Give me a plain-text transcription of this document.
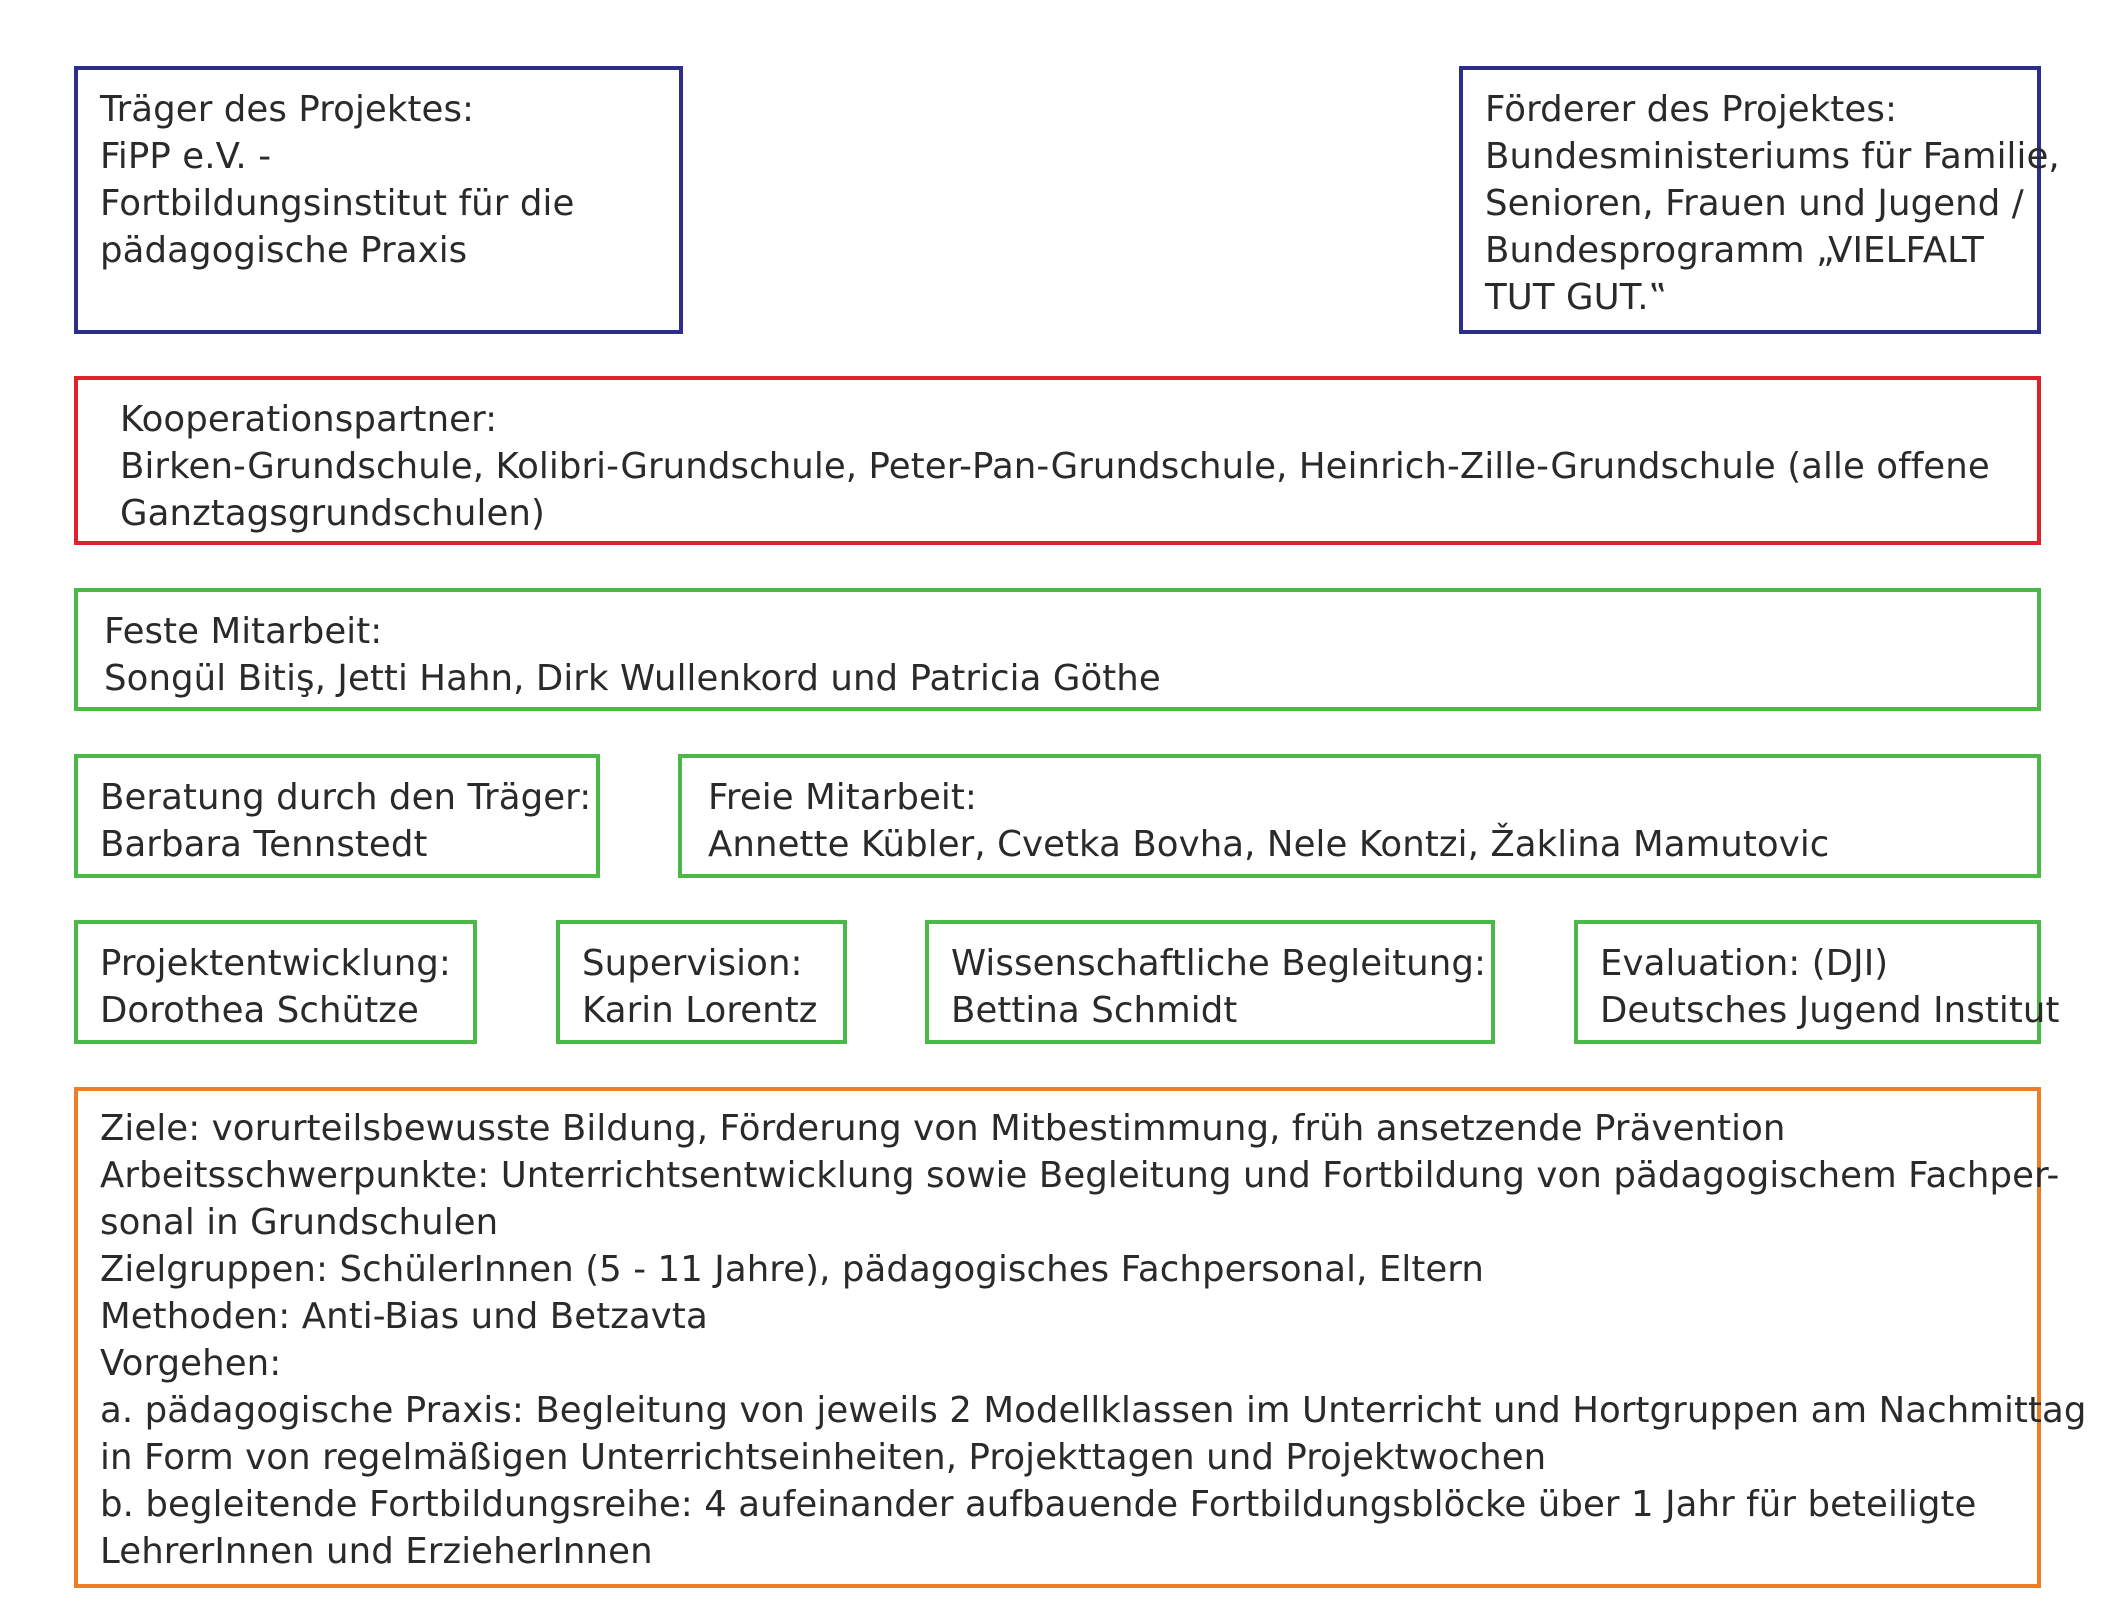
Träger des Projektes:
FiPP e.V. -
Fortbildungsinstitut für die
pädagogische Praxis
Förderer des Projektes:
Bundesministeriums für Familie,
Senioren, Frauen und Jugend /
Bundesprogramm „VIELFALT
TUT GUT.‟
Kooperationspartner:
Birken-Grundschule, Kolibri-Grundschule, Peter-Pan-Grundschule, Heinrich-Zille-Grundschule (alle offene
Ganztagsgrundschulen)
Feste Mitarbeit:
Songül Bitiş, Jetti Hahn, Dirk Wullenkord und Patricia Göthe
Beratung durch den Träger:
Barbara Tennstedt
Freie Mitarbeit:
Annette Kübler, Cvetka Bovha, Nele Kontzi, Žaklina Mamutovic
Projektentwicklung:
Dorothea Schütze
Supervision:
Karin Lorentz
Wissenschaftliche Begleitung:
Bettina Schmidt
Evaluation: (DJI)
Deutsches Jugend Institut
Ziele: vorurteilsbewusste Bildung, Förderung von Mitbestimmung, früh ansetzende Prävention
Arbeitsschwerpunkte: Unterrichtsentwicklung sowie Begleitung und Fortbildung von pädagogischem Fachper-
sonal in Grundschulen
Zielgruppen: SchülerInnen (5 - 11 Jahre), pädagogisches Fachpersonal, Eltern
Methoden: Anti-Bias und Betzavta
Vorgehen:
a. pädagogische Praxis: Begleitung von jeweils 2 Modellklassen im Unterricht und Hortgruppen am Nachmittag
in Form von regelmäßigen Unterrichtseinheiten, Projekttagen und Projektwochen
b. begleitende Fortbildungsreihe: 4 aufeinander aufbauende Fortbildungsblöcke über 1 Jahr für beteiligte
LehrerInnen und ErzieherInnen
